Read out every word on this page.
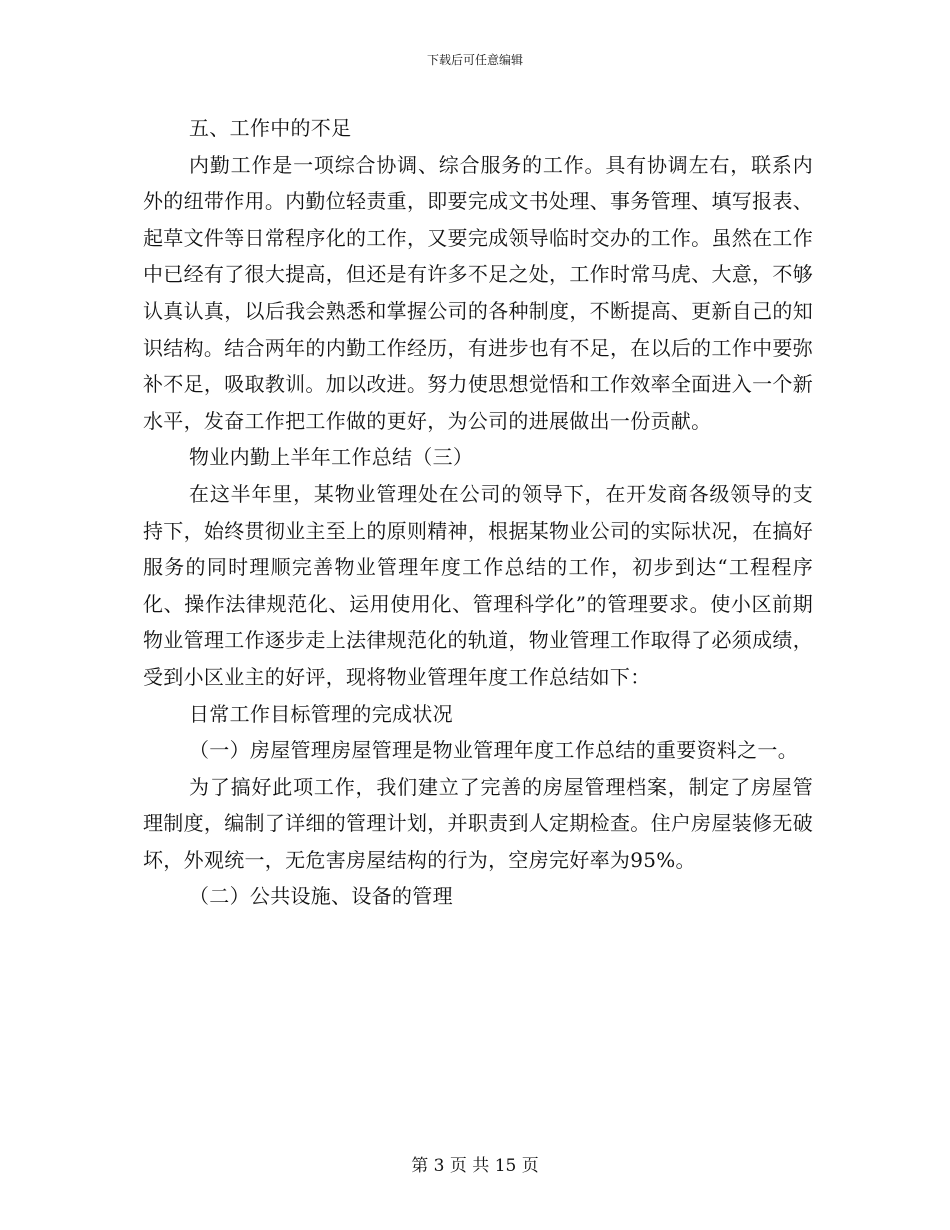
下载后可任意编辑

五、工作中的不足

内勤工作是一项综合协调、综合服务的工作。具有协调左右，联系内外的纽带作用。内勤位轻责重，即要完成文书处理、事务管理、填写报表、起草文件等日常程序化的工作，又要完成领导临时交办的工作。虽然在工作中已经有了很大提高，但还是有许多不足之处，工作时常马虎、大意，不够认真认真，以后我会熟悉和掌握公司的各种制度，不断提高、更新自己的知识结构。结合两年的内勤工作经历，有进步也有不足，在以后的工作中要弥补不足，吸取教训。加以改进。努力使思想觉悟和工作效率全面进入一个新水平，发奋工作把工作做的更好，为公司的进展做出一份贡献。

物业内勤上半年工作总结（三）

在这半年里，某物业管理处在公司的领导下，在开发商各级领导的支持下，始终贯彻业主至上的原则精神，根据某物业公司的实际状况，在搞好服务的同时理顺完善物业管理年度工作总结的工作，初步到达“工程程序化、操作法律规范化、运用使用化、管理科学化”的管理要求。使小区前期物业管理工作逐步走上法律规范化的轨道，物业管理工作取得了必须成绩，受到小区业主的好评，现将物业管理年度工作总结如下：

日常工作目标管理的完成状况

（一）房屋管理房屋管理是物业管理年度工作总结的重要资料之一。

为了搞好此项工作，我们建立了完善的房屋管理档案，制定了房屋管理制度，编制了详细的管理计划，并职责到人定期检查。住户房屋装修无破坏，外观统一，无危害房屋结构的行为，空房完好率为95%。

（二）公共设施、设备的管理

第 3 页 共 15 页
